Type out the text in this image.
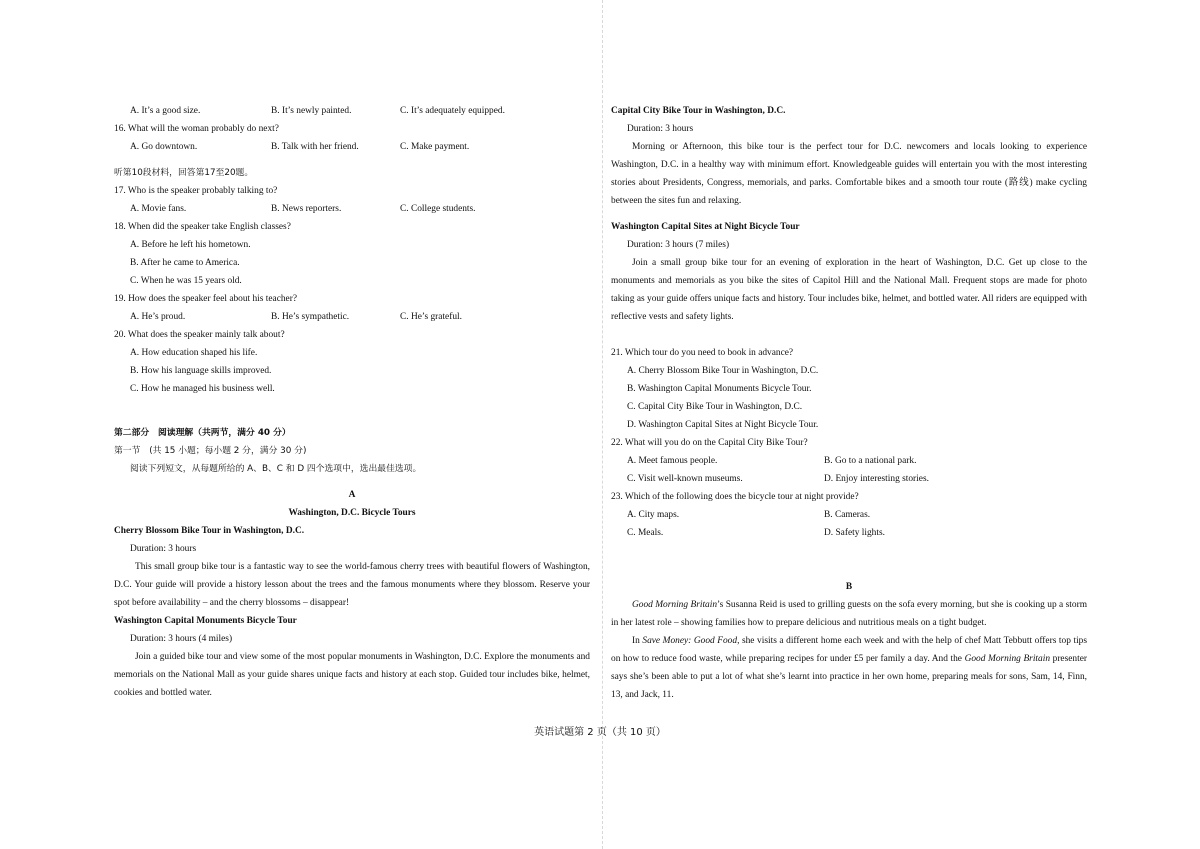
A. It’s a good size.	B. It’s newly painted.	C. It’s adequately equipped.
16. What will the woman probably do next?
A. Go downtown.	B. Talk with her friend.	C. Make payment.
听第10段材料，回答第17至20题。
17. Who is the speaker probably talking to?
A. Movie fans.	B. News reporters.	C. College students.
18. When did the speaker take English classes?
A. Before he left his hometown.
B. After he came to America.
C. When he was 15 years old.
19. How does the speaker feel about his teacher?
A. He’s proud.	B. He’s sympathetic.	C. He’s grateful.
20. What does the speaker mainly talk about?
A. How education shaped his life.
B. How his language skills improved.
C. How he managed his business well.
第二部分　阅读理解（共两节，满分 40 分）
第一节　(共 15 小题；每小题 2 分，满分 30 分)
阅读下列短文，从每题所给的 A、B、C 和 D 四个选项中，选出最佳选项。
A
Washington, D.C. Bicycle Tours
Cherry Blossom Bike Tour in Washington, D.C.
Duration: 3 hours
This small group bike tour is a fantastic way to see the world-famous cherry trees with beautiful flowers of Washington, D.C. Your guide will provide a history lesson about the trees and the famous monuments where they blossom. Reserve your spot before availability – and the cherry blossoms – disappear!
Washington Capital Monuments Bicycle Tour
Duration: 3 hours (4 miles)
Join a guided bike tour and view some of the most popular monuments in Washington, D.C. Explore the monuments and memorials on the National Mall as your guide shares unique facts and history at each stop. Guided tour includes bike, helmet, cookies and bottled water.
Capital City Bike Tour in Washington, D.C.
Duration: 3 hours
Morning or Afternoon, this bike tour is the perfect tour for D.C. newcomers and locals looking to experience Washington, D.C. in a healthy way with minimum effort. Knowledgeable guides will entertain you with the most interesting stories about Presidents, Congress, memorials, and parks. Comfortable bikes and a smooth tour route (路线) make cycling between the sites fun and relaxing.
Washington Capital Sites at Night Bicycle Tour
Duration: 3 hours (7 miles)
Join a small group bike tour for an evening of exploration in the heart of Washington, D.C. Get up close to the monuments and memorials as you bike the sites of Capitol Hill and the National Mall. Frequent stops are made for photo taking as your guide offers unique facts and history. Tour includes bike, helmet, and bottled water. All riders are equipped with reflective vests and safety lights.
21. Which tour do you need to book in advance?
A. Cherry Blossom Bike Tour in Washington, D.C.
B. Washington Capital Monuments Bicycle Tour.
C. Capital City Bike Tour in Washington, D.C.
D. Washington Capital Sites at Night Bicycle Tour.
22. What will you do on the Capital City Bike Tour?
A. Meet famous people.	B. Go to a national park.
C. Visit well-known museums.	D. Enjoy interesting stories.
23. Which of the following does the bicycle tour at night provide?
A. City maps.	B. Cameras.
C. Meals.	D. Safety lights.
B
Good Morning Britain’s Susanna Reid is used to grilling guests on the sofa every morning, but she is cooking up a storm in her latest role – showing families how to prepare delicious and nutritious meals on a tight budget.
In Save Money: Good Food, she visits a different home each week and with the help of chef Matt Tebbutt offers top tips on how to reduce food waste, while preparing recipes for under £5 per family a day. And the Good Morning Britain presenter says she’s been able to put a lot of what she’s learnt into practice in her own home, preparing meals for sons, Sam, 14, Finn, 13, and Jack, 11.
英语试题第 2 页（共 10 页）
